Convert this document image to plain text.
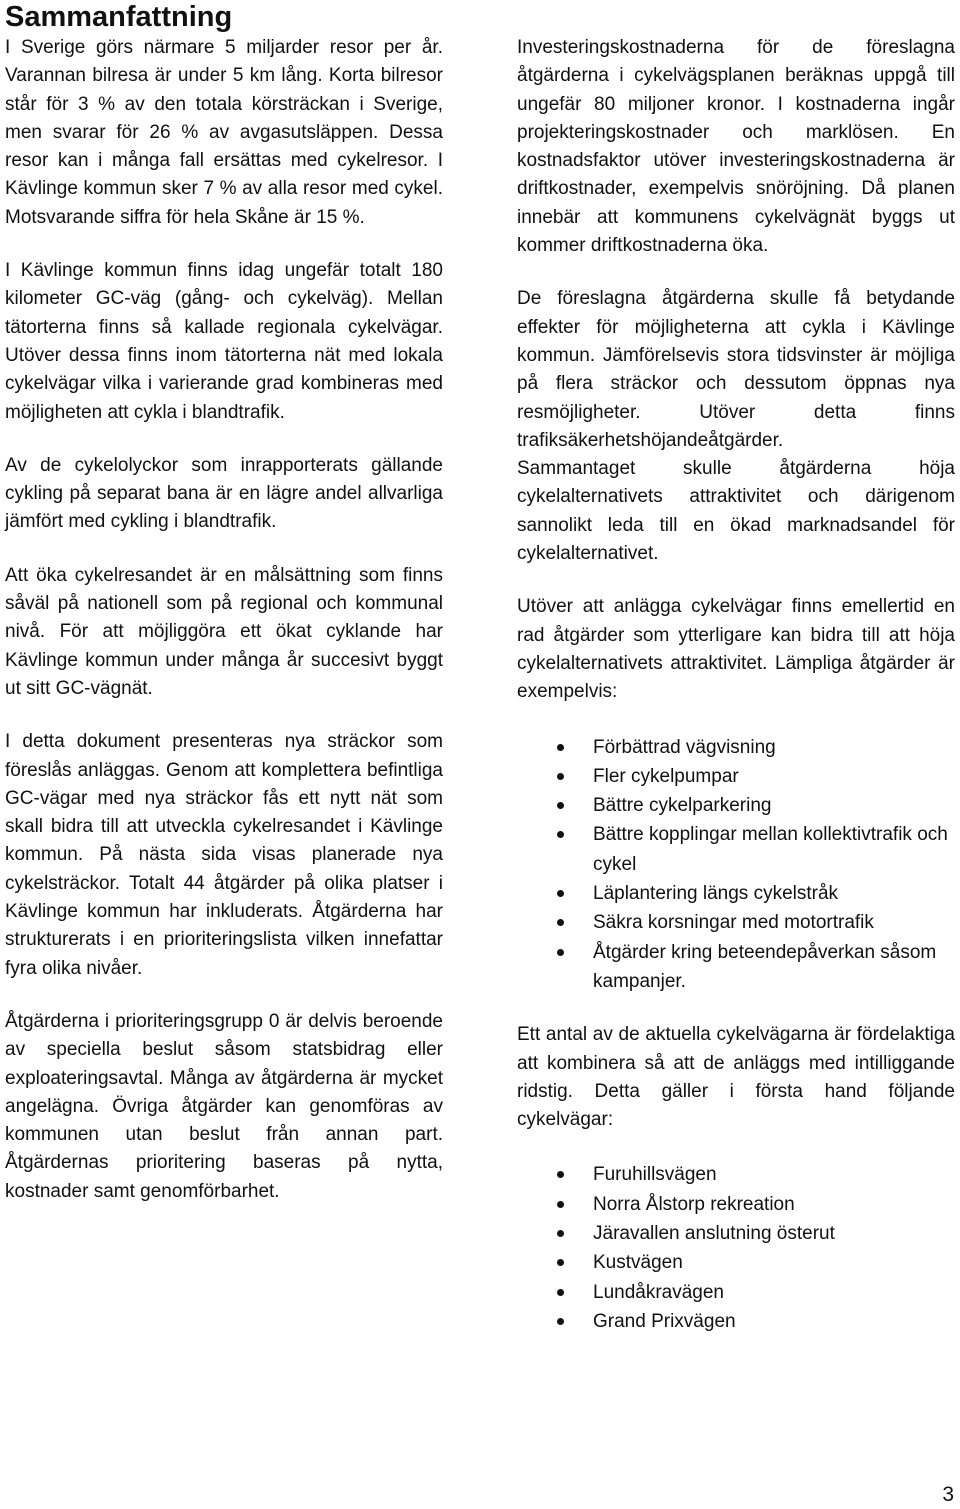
Sammanfattning

I Sverige görs närmare 5 miljarder resor per år. Varannan bilresa är under 5 km lång. Korta bilresor står för 3 % av den totala körsträckan i Sverige, men svarar för 26 % av avgasutsläppen. Dessa resor kan i många fall ersättas med cykelresor. I Kävlinge kommun sker 7 % av alla resor med cykel. Motsvarande siffra för hela Skåne är 15 %.

I Kävlinge kommun finns idag ungefär totalt 180 kilometer GC-väg (gång- och cykelväg). Mellan tätorterna finns så kallade regionala cykelvägar. Utöver dessa finns inom tätorterna nät med lokala cykelvägar vilka i varierande grad kombineras med möjligheten att cykla i blandtrafik.

Av de cykelolyckor som inrapporterats gällande cykling på separat bana är en lägre andel allvarliga jämfört med cykling i blandtrafik.

Att öka cykelresandet är en målsättning som finns såväl på nationell som på regional och kommunal nivå. För att möjliggöra ett ökat cyklande har Kävlinge kommun under många år succesivt byggt ut sitt GC-vägnät.

I detta dokument presenteras nya sträckor som föreslås anläggas. Genom att komplettera befintliga GC-vägar med nya sträckor fås ett nytt nät som skall bidra till att utveckla cykelresandet i Kävlinge kommun. På nästa sida visas planerade nya cykelsträckor. Totalt 44 åtgärder på olika platser i Kävlinge kommun har inkluderats. Åtgärderna har strukturerats i en prioriteringslista vilken innefattar fyra olika nivåer.

Åtgärderna i prioriteringsgrupp 0 är delvis beroende av speciella beslut såsom statsbidrag eller exploateringsavtal. Många av åtgärderna är mycket angelägna. Övriga åtgärder kan genomföras av kommunen utan beslut från annan part. Åtgärdernas prioritering baseras på nytta, kostnader samt genomförbarhet.

Investeringskostnaderna för de föreslagna åtgärderna i cykelvägsplanen beräknas uppgå till ungefär 80 miljoner kronor. I kostnaderna ingår projekteringskostnader och marklösen. En kostnadsfaktor utöver investeringskostnaderna är driftkostnader, exempelvis snöröjning. Då planen innebär att kommunens cykelvägnät byggs ut kommer driftkostnaderna öka.

De föreslagna åtgärderna skulle få betydande effekter för möjligheterna att cykla i Kävlinge kommun. Jämförelsevis stora tidsvinster är möjliga på flera sträckor och dessutom öppnas nya resmöjligheter. Utöver detta finns trafiksäkerhetshöjandeåtgärder.

Sammantaget skulle åtgärderna höja cykelalternativets attraktivitet och därigenom sannolikt leda till en ökad marknadsandel för cykelalternativet.

Utöver att anlägga cykelvägar finns emellertid en rad åtgärder som ytterligare kan bidra till att höja cykelalternativets attraktivitet. Lämpliga åtgärder är exempelvis:

Förbättrad vägvisning
Fler cykelpumpar
Bättre cykelparkering
Bättre kopplingar mellan kollektivtrafik och cykel
Läplantering längs cykelstråk
Säkra korsningar med motortrafik
Åtgärder kring beteendepåverkan såsom kampanjer.

Ett antal av de aktuella cykelvägarna är fördelaktiga att kombinera så att de anläggs med intilliggande ridstig. Detta gäller i första hand följande cykelvägar:

Furuhillsvägen
Norra Ålstorp rekreation
Järavallen anslutning österut
Kustvägen
Lundåkravägen
Grand Prixvägen
3
